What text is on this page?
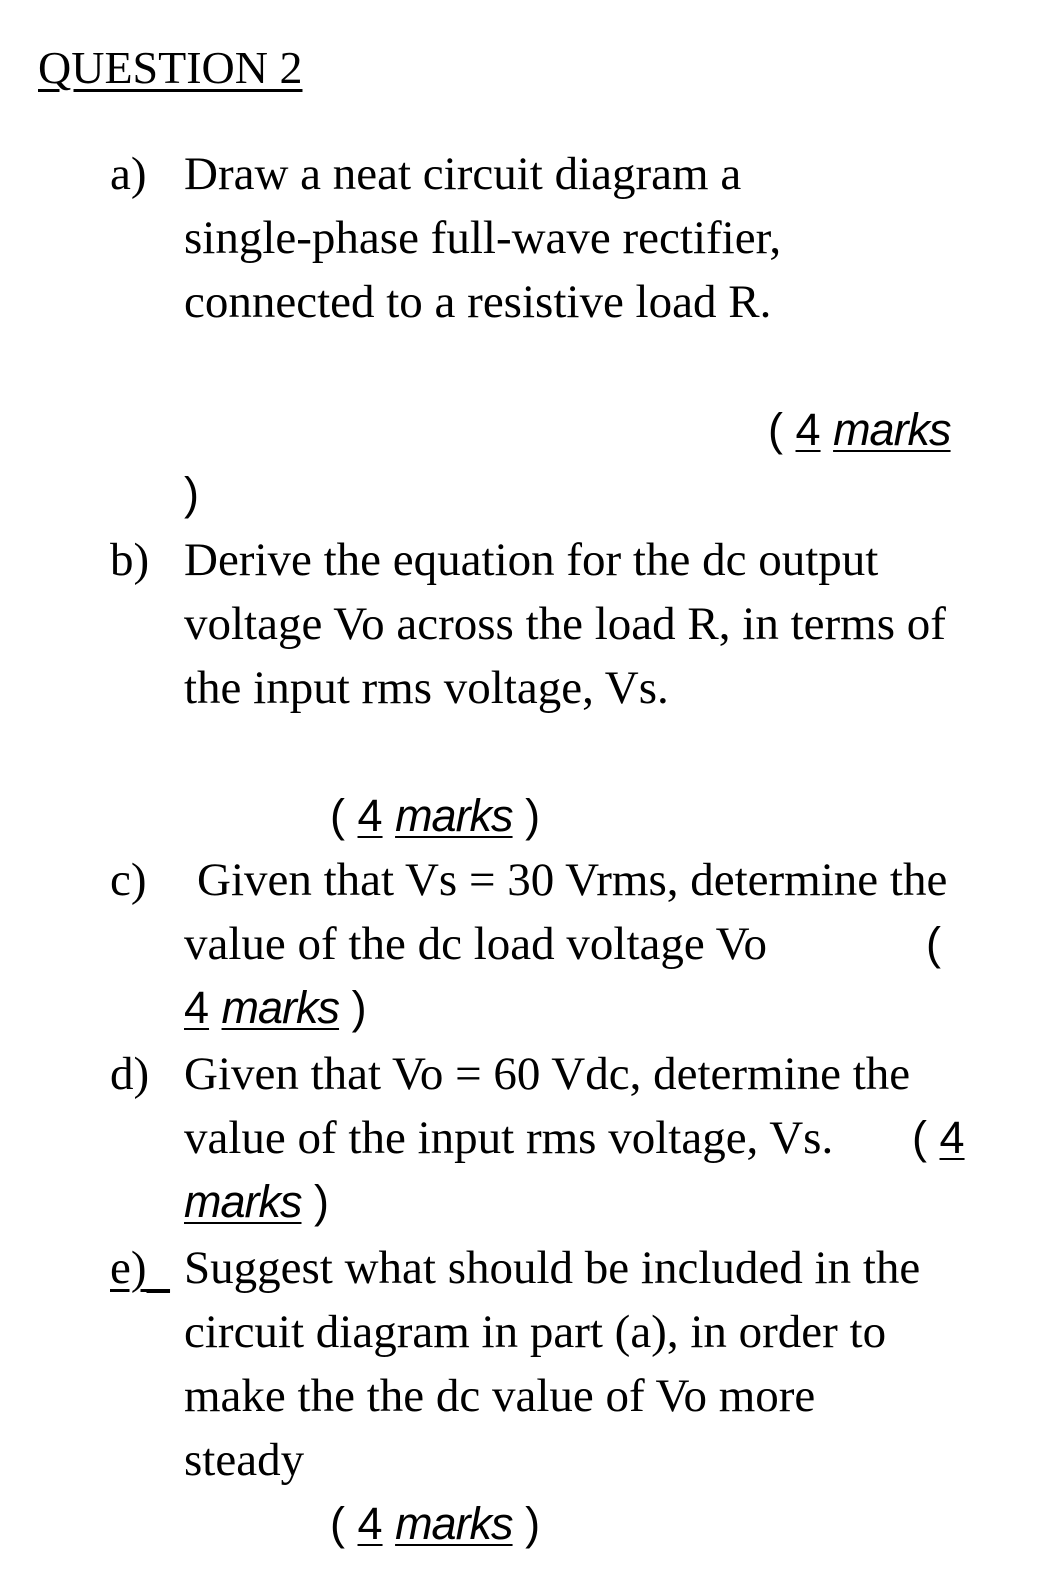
QUESTION 2
a) Draw a neat circuit diagram a
single-phase full-wave rectifier,
connected to a resistive load R.
( 4 marks
)
b) Derive the equation for the dc output
voltage Vo across the load R, in terms of
the input rms voltage, Vs.
( 4 marks )
c) Given that Vs = 30 Vrms, determine the
value of the dc load voltage Vo	(
4 marks )
d) Given that Vo = 60 Vdc, determine the
value of the input rms voltage, Vs. ( 4
marks )
e) Suggest what should be included in the
circuit diagram in part (a), in order to
make the the dc value of Vo more
steady
( 4 marks )
